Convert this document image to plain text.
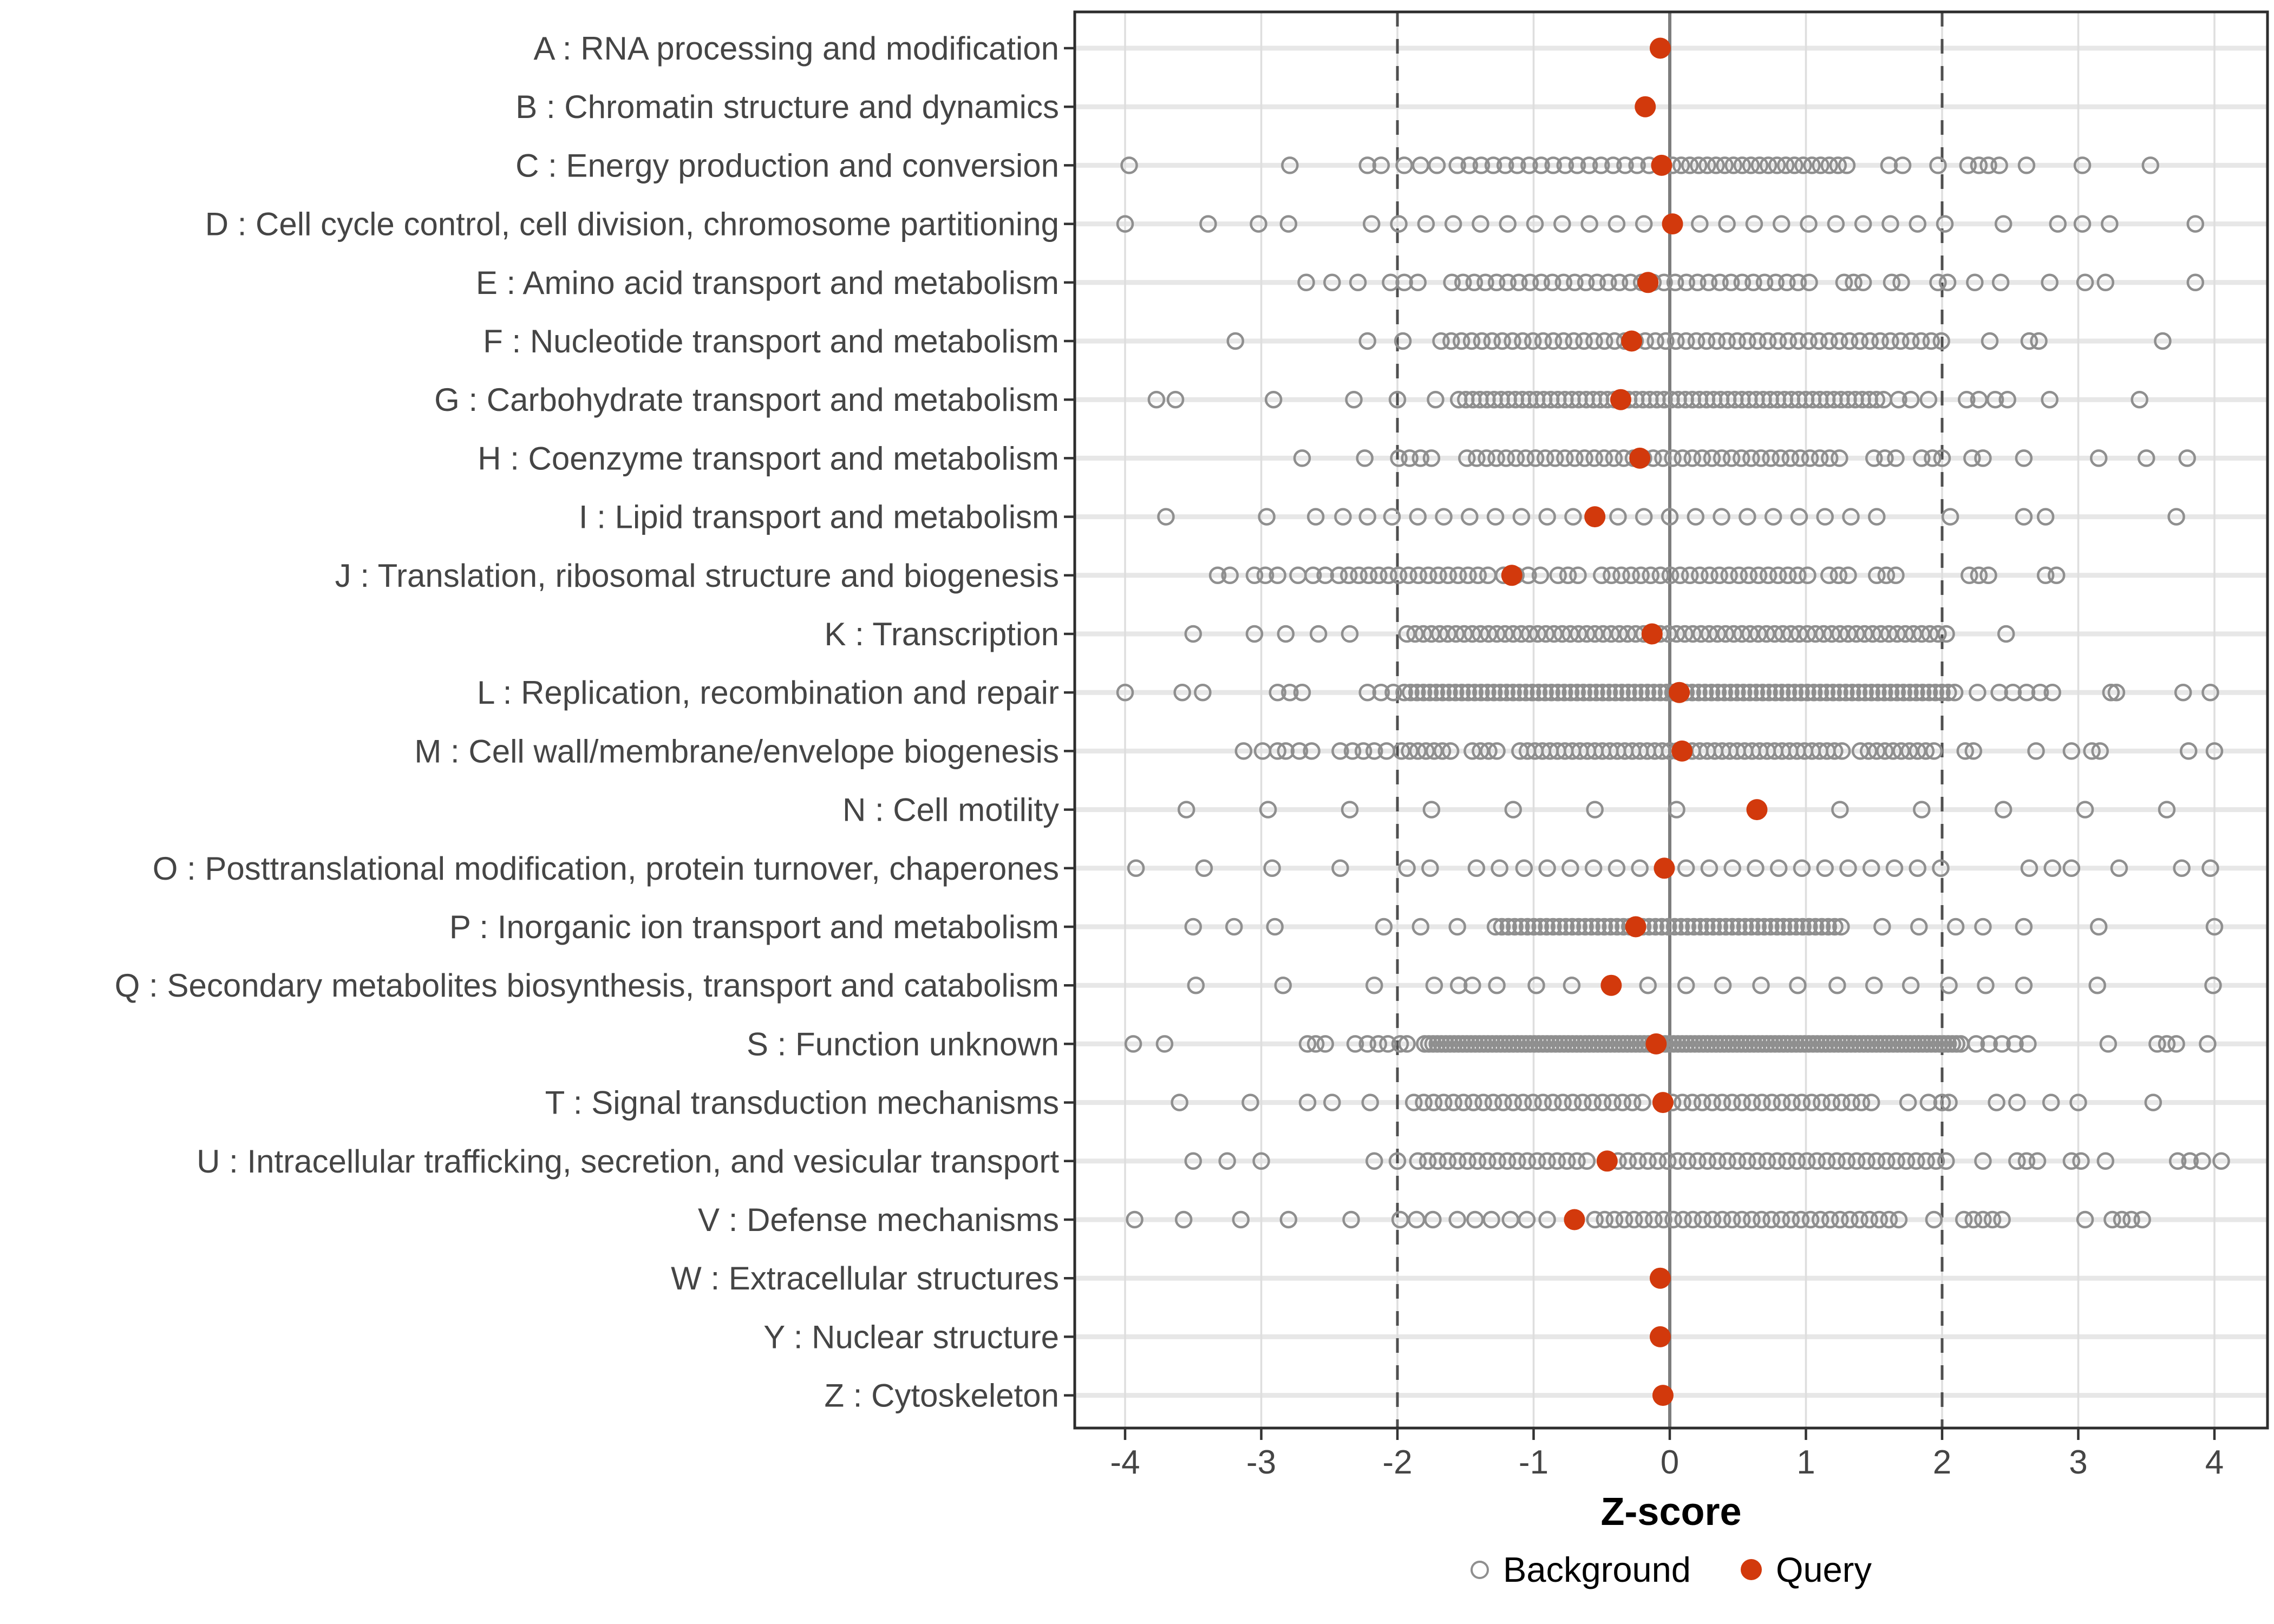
A : RNA processing and modification
B : Chromatin structure and dynamics
C : Energy production and conversion
D : Cell cycle control, cell division, chromosome partitioning
E : Amino acid transport and metabolism
F : Nucleotide transport and metabolism
G : Carbohydrate transport and metabolism
H : Coenzyme transport and metabolism
I : Lipid transport and metabolism
J : Translation, ribosomal structure and biogenesis
K : Transcription
L : Replication, recombination and repair
M : Cell wall/membrane/envelope biogenesis
N : Cell motility
O : Posttranslational modification, protein turnover, chaperones
P : Inorganic ion transport and metabolism
Q : Secondary metabolites biosynthesis, transport and catabolism
S : Function unknown
T : Signal transduction mechanisms
U : Intracellular trafficking, secretion, and vesicular transport
V : Defense mechanisms
W : Extracellular structures
Y : Nuclear structure
Z : Cytoskeleton
-4	-3	-2	-1	0	1	2	3	4
Z-score
Background Query
